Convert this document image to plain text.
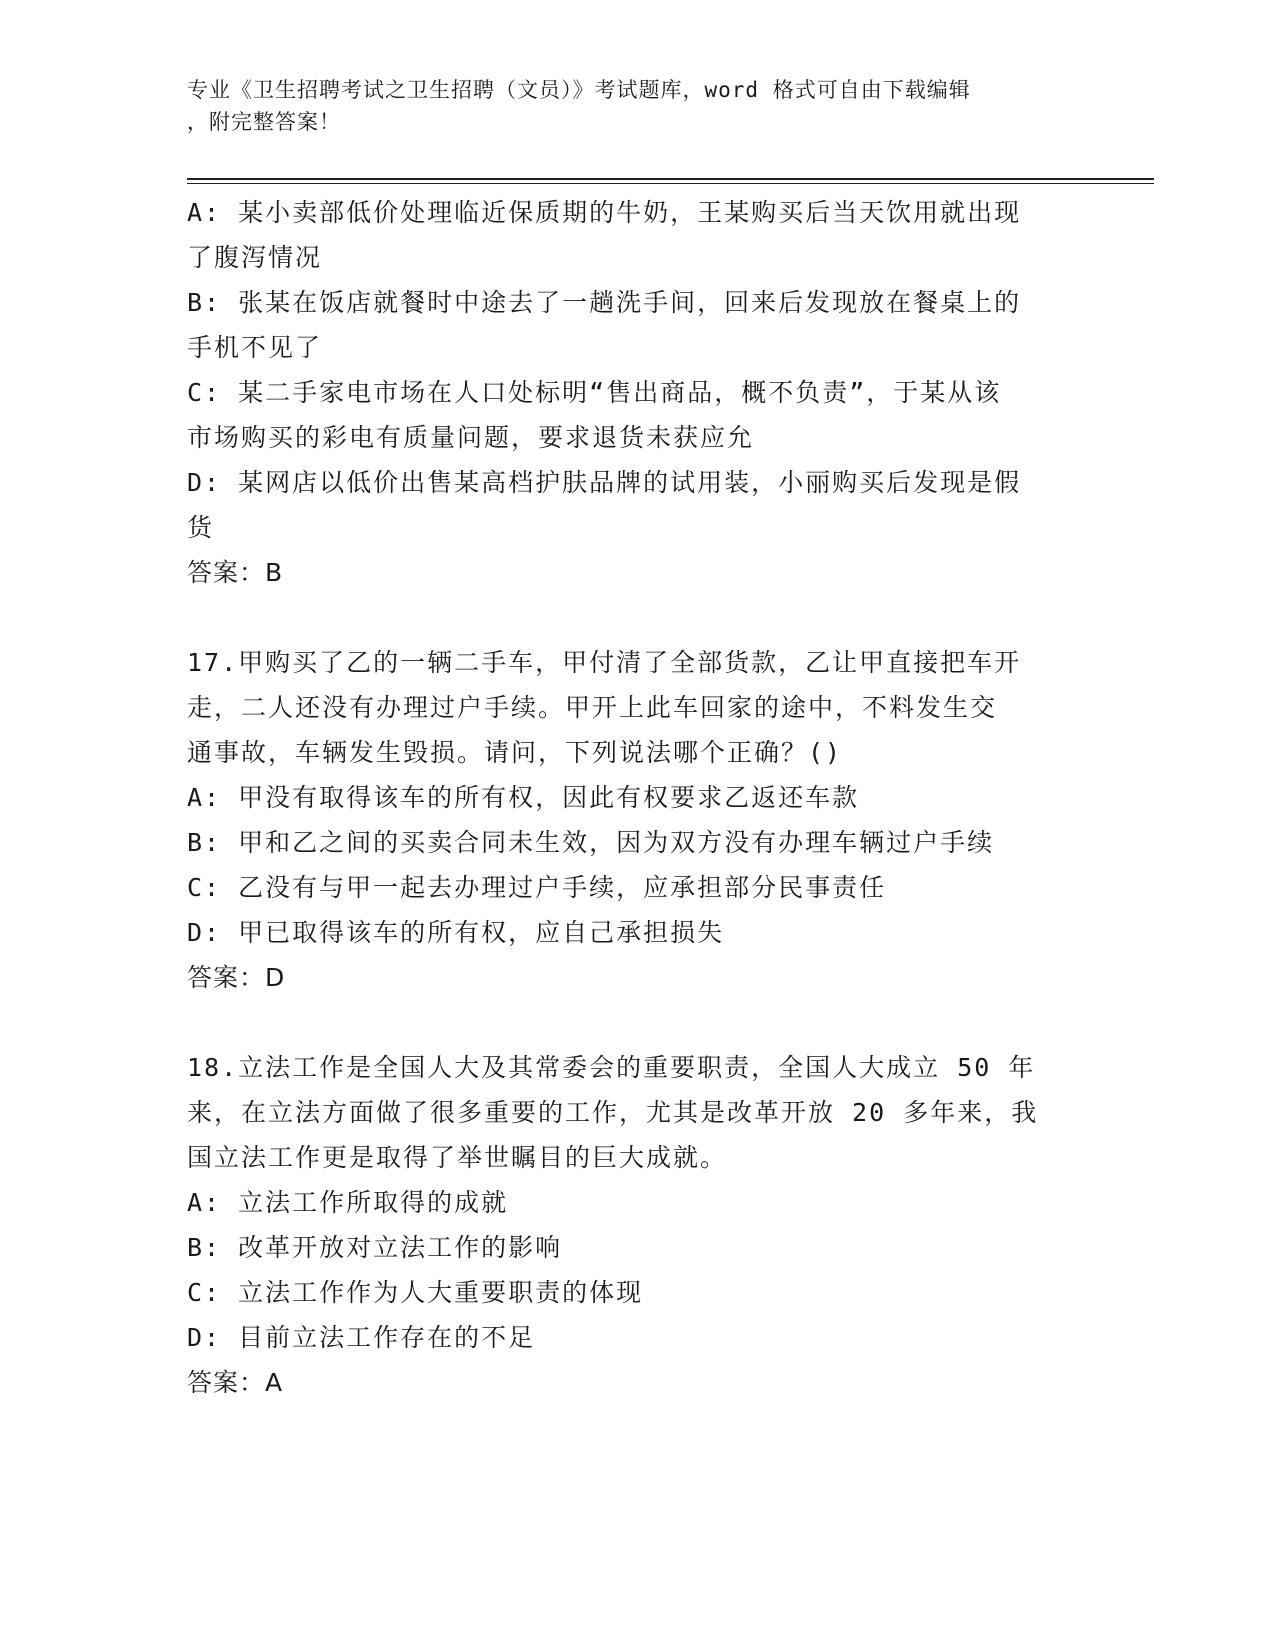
专业《卫生招聘考试之卫生招聘（文员）》考试题库，word 格式可自由下载编辑
，附完整答案！

A: 某小卖部低价处理临近保质期的牛奶，王某购买后当天饮用就出现

了腹泻情况

B: 张某在饭店就餐时中途去了一趟洗手间，回来后发现放在餐桌上的

手机不见了

C: 某二手家电市场在人口处标明“售出商品，概不负责”，于某从该

市场购买的彩电有质量问题，要求退货未获应允

D: 某网店以低价出售某高档护肤品牌的试用装，小丽购买后发现是假

货

答案：B

17.甲购买了乙的一辆二手车，甲付清了全部货款，乙让甲直接把车开

走，二人还没有办理过户手续。甲开上此车回家的途中，不料发生交

通事故，车辆发生毁损。请问，下列说法哪个正确？()

A: 甲没有取得该车的所有权，因此有权要求乙返还车款

B: 甲和乙之间的买卖合同未生效，因为双方没有办理车辆过户手续

C: 乙没有与甲一起去办理过户手续，应承担部分民事责任

D: 甲已取得该车的所有权，应自己承担损失

答案：D

18.立法工作是全国人大及其常委会的重要职责，全国人大成立 50 年

来，在立法方面做了很多重要的工作，尤其是改革开放 20 多年来，我

国立法工作更是取得了举世瞩目的巨大成就。

A: 立法工作所取得的成就

B: 改革开放对立法工作的影响

C: 立法工作作为人大重要职责的体现

D: 目前立法工作存在的不足

答案：A
